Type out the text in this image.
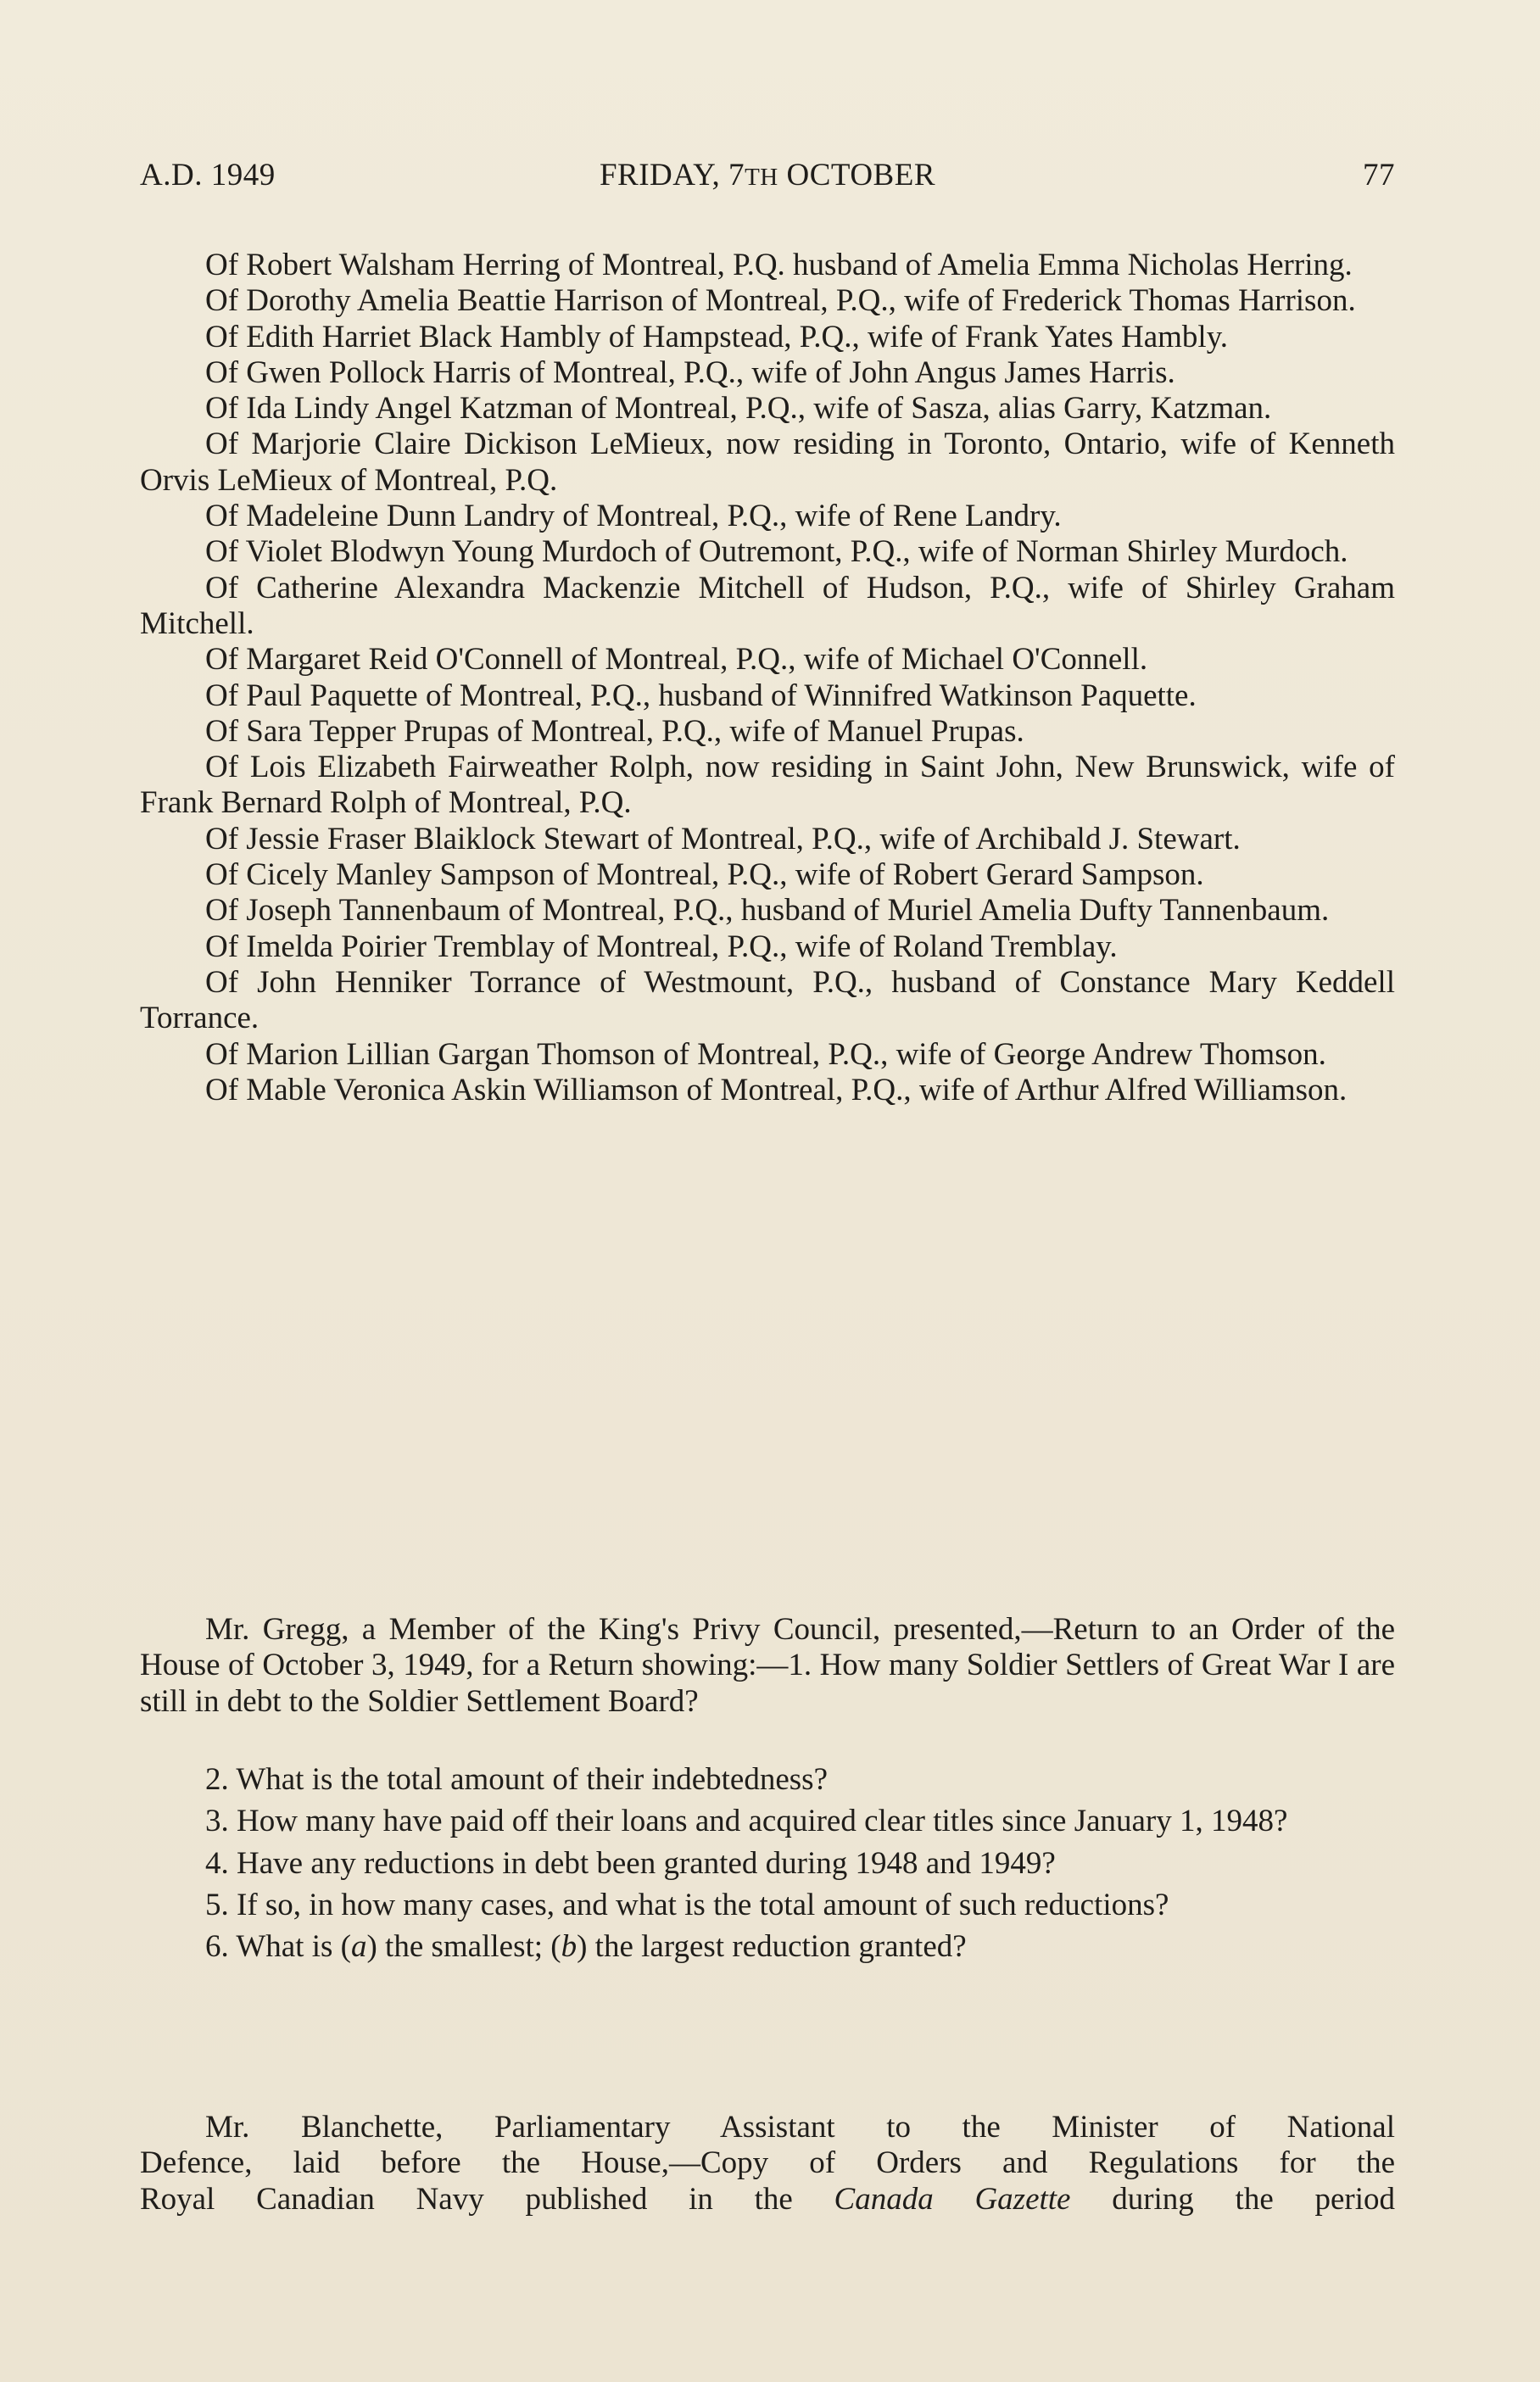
A.D. 1949	FRIDAY, 7TH OCTOBER	77

Of Robert Walsham Herring of Montreal, P.Q. husband of Amelia Emma Nicholas Herring.

Of Dorothy Amelia Beattie Harrison of Montreal, P.Q., wife of Frederick Thomas Harrison.

Of Edith Harriet Black Hambly of Hampstead, P.Q., wife of Frank Yates Hambly.

Of Gwen Pollock Harris of Montreal, P.Q., wife of John Angus James Harris.

Of Ida Lindy Angel Katzman of Montreal, P.Q., wife of Sasza, alias Garry, Katzman.

Of Marjorie Claire Dickison LeMieux, now residing in Toronto, Ontario, wife of Kenneth Orvis LeMieux of Montreal, P.Q.

Of Madeleine Dunn Landry of Montreal, P.Q., wife of Rene Landry.

Of Violet Blodwyn Young Murdoch of Outremont, P.Q., wife of Norman Shirley Murdoch.

Of Catherine Alexandra Mackenzie Mitchell of Hudson, P.Q., wife of Shirley Graham Mitchell.

Of Margaret Reid O'Connell of Montreal, P.Q., wife of Michael O'Connell.

Of Paul Paquette of Montreal, P.Q., husband of Winnifred Watkinson Paquette.

Of Sara Tepper Prupas of Montreal, P.Q., wife of Manuel Prupas.

Of Lois Elizabeth Fairweather Rolph, now residing in Saint John, New Brunswick, wife of Frank Bernard Rolph of Montreal, P.Q.

Of Jessie Fraser Blaiklock Stewart of Montreal, P.Q., wife of Archibald J. Stewart.

Of Cicely Manley Sampson of Montreal, P.Q., wife of Robert Gerard Sampson.

Of Joseph Tannenbaum of Montreal, P.Q., husband of Muriel Amelia Dufty Tannenbaum.

Of Imelda Poirier Tremblay of Montreal, P.Q., wife of Roland Tremblay.

Of John Henniker Torrance of Westmount, P.Q., husband of Constance Mary Keddell Torrance.

Of Marion Lillian Gargan Thomson of Montreal, P.Q., wife of George Andrew Thomson.

Of Mable Veronica Askin Williamson of Montreal, P.Q., wife of Arthur Alfred Williamson.

Mr. Gregg, a Member of the King's Privy Council, presented,—Return to an Order of the House of October 3, 1949, for a Return showing:—1. How many Soldier Settlers of Great War I are still in debt to the Soldier Settlement Board?

2. What is the total amount of their indebtedness?

3. How many have paid off their loans and acquired clear titles since January 1, 1948?

4. Have any reductions in debt been granted during 1948 and 1949?

5. If so, in how many cases, and what is the total amount of such reductions?

6. What is (a) the smallest; (b) the largest reduction granted?

Mr. Blanchette, Parliamentary Assistant to the Minister of National
Defence, laid before the House,—Copy of Orders and Regulations for the
Royal Canadian Navy published in the Canada Gazette during the period
